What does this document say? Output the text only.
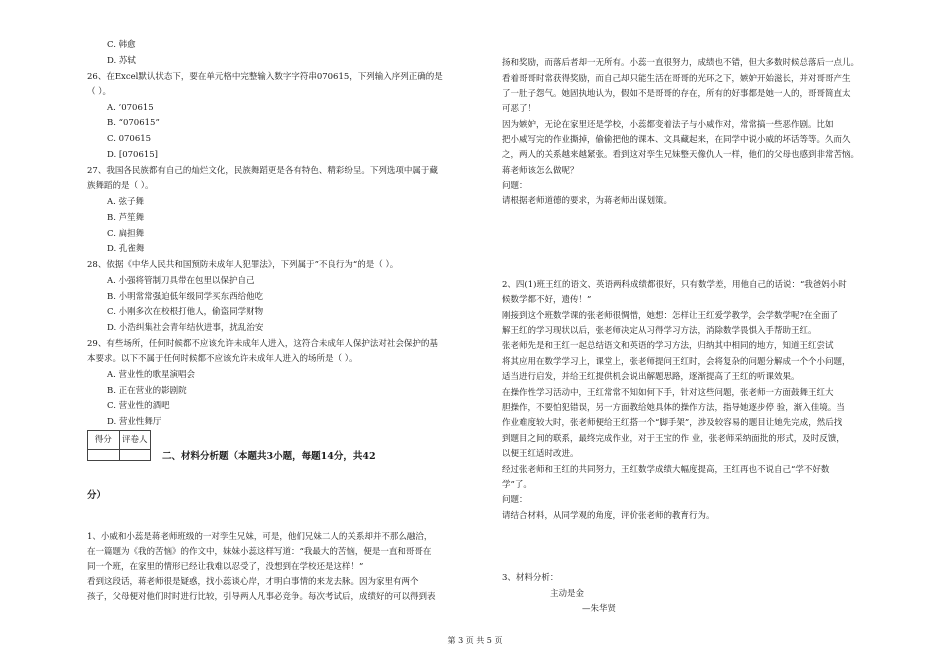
C. 韩愈
D. 苏轼
26、在Excel默认状态下，要在单元格中完整输入数字字符串070615，下列输入序列正确的是
（ ）。
A. ’070615
B. “070615”
C. 070615
D. [070615]
27、我国各民族都有自己的灿烂文化，民族舞蹈更是各有特色、精彩纷呈。下列选项中属于藏
族舞蹈的是（ ）。
A. 弦子舞
B. 芦笙舞
C. 扁担舞
D. 孔雀舞
28、依据《中华人民共和国预防未成年人犯罪法》，下列属于”不良行为“的是（ ）。
A. 小强将管制刀具带在包里以保护自己
B. 小明常常强迫低年级同学买东西给他吃
C. 小刚多次在校根打他人，偷盗同学财物
D. 小浩纠集社会青年结伙进事，扰乱治安
29、有些场所，任何时候都不应该允许未成年人进入，这符合未成年人保护法对社会保护的基
本要求。以下不属于任何时候都不应该允许未成年人进入的场所是（ ）。
A. 营业性的歌星演唱会
B. 正在营业的影剧院
C. 营业性的酒吧
D. 营业性舞厅
二、材料分析题（本题共3小题，每题14分，共42
分）
1、小威和小蕊是蒋老师班级的一对孪生兄妹，可是，他们兄妹二人的关系却并不那么融洽，
在一篇题为《我的苦恼》的作文中，妹妹小蕊这样写道：“我最大的苦恼，便是一直和哥哥在
同一个班，在家里的情形已经让我难以忍受了，没想到在学校还是这样！”
看到这段话，蒋老师很是疑惑，找小蕊谈心岸，才明白事情的来龙去脉。因为家里有两个
孩子，父母便对他们时时进行比较，引导两人凡事必竞争。每次考试后，成绩好的可以得到表
得分	评卷人
扬和奖励，而落后者却一无所有。小蕊一直很努力，成绩也不错，但大多数时候总落后一点儿。
看着哥哥时常获得奖励，而自己却只能生活在哥哥的光环之下，嫉妒开始滋长，并对哥哥产生
了一肚子怨气。她固执地认为，假如不是哥哥的存在，所有的好事都是她一人的，哥哥简直太
可恶了！
因为嫉妒，无论在家里还是学校，小蕊都变着法子与小威作对，常常搞一些恶作剧。比如
把小威写完的作业撕掉，偷偷把他的课本、文具藏起来，在同学中说小威的坏话等等。久而久
之，两人的关系越来越紧张。看到这对孪生兄妹整天像仇人一样，他们的父母也感到非常苦恼。
蒋老师该怎么做呢？
问题：
请根据老师道德的要求，为蒋老师出谋划策。
2、四(1)班王红的语文、英语两科成绩都很好，只有数学差，用他自己的话说：“我爸妈小时
候数学都不好，遗传！”
刚接到这个班数学课的张老师很惆惜，她想：怎样让王红爱学教学，会学数学呢?在全面了
解王红的学习现状以后，张老师决定从习得学习方法，消除数学畏惧入手帮助王红。
张老师先是和王红一起总结语文和英语的学习方法，归纳其中相同的地方，知道王红尝试
将其应用在数学学习上，课堂上，张老师提问王红时，会将复杂的问题分解成一个个小问题，
适当进行启发，并给王红提供机会说出解题思路，逐渐提高了王红的听课效果。
在操作性学习活动中，王红常常不知如何下手，针对这些问题，张老师一方面鼓舞王红大
胆操作，不要怕犯错误，另一方面教给她具体的操作方法，指导她逐步停 验，渐入佳境。当
作业难度较大时，张老师便给王红搭一个“脚手架”，涉及较容易的题目让她先完成，然后找
到题目之间的联系，最终完成作业，对于王宝的作 业，张老师采纳面批的形式，及时反馈，
以便王红适时改进。
经过张老师和王红的共同努力，王红数学成绩大幅度提高，王红再也不说自己“学不好数
学”了。
问题：
请结合材料，从同学观的角度，评价张老师的教育行为。
3、材料分析：
主动是金
—朱华贤
第 3 页 共 5 页
